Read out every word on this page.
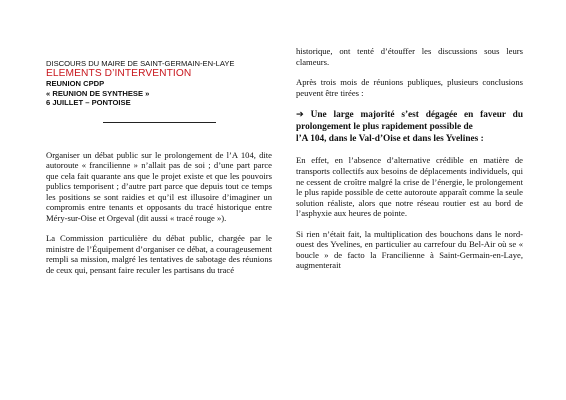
DISCOURS DU MAIRE DE SAINT-GERMAIN-EN-LAYE
ELEMENTS D’INTERVENTION
REUNION CPDP
« REUNION DE SYNTHESE »
6 JUILLET – PONTOISE

Organiser un débat public sur le prolongement de l’A 104, dite autoroute « francilienne » n’allait pas de soi ; d’une part parce que cela fait quarante ans que le projet existe et que les pouvoirs publics temporisent ; d’autre part parce que depuis tout ce temps les positions se sont raidies et qu’il est illusoire d’imaginer un compromis entre tenants et opposants du tracé historique entre Méry-sur-Oise et Orgeval (dit aussi « tracé rouge »).

La Commission particulière du débat public, chargée par le ministre de l’Équipement d’organiser ce débat, a courageusement rempli sa mission, malgré les tentatives de sabotage des réunions de ceux qui, pensant faire reculer les partisans du tracé

historique, ont tenté d’étouffer les discussions sous leurs clameurs.

Après trois mois de réunions publiques, plusieurs conclusions peuvent être tirées :

➔ Une large majorité s’est dégagée en faveur du prolongement le plus rapidement possible de

l’A 104, dans le Val-d’Oise et dans les Yvelines :

En effet, en l’absence d’alternative crédible en matière de transports collectifs aux besoins de déplacements individuels, qui ne cessent de croître malgré la crise de l’énergie, le prolongement le plus rapide possible de cette autoroute apparaît comme la seule solution réaliste, alors que notre réseau routier est au bord de l’asphyxie aux heures de pointe.

Si rien n’était fait, la multiplication des bouchons dans le nord-ouest des Yvelines, en particulier au carrefour du Bel-Air où se « boucle » de facto la Francilienne à Saint-Germain-en-Laye, augmenterait
